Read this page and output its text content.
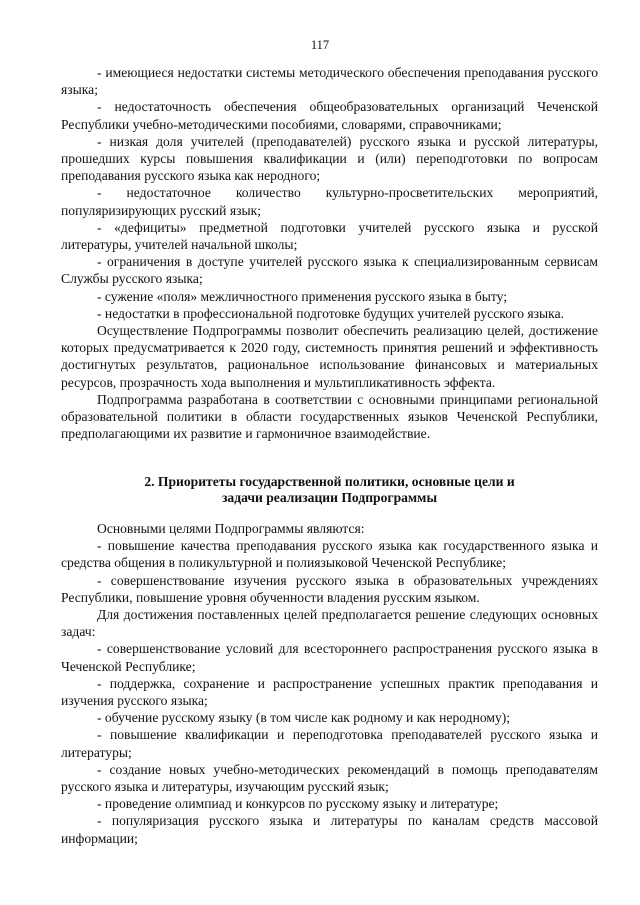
117

- имеющиеся недостатки системы методического обеспечения преподавания русского языка;

- недостаточность обеспечения общеобразовательных организаций Чеченской Республики учебно-методическими пособиями, словарями, справочниками;

- низкая доля учителей (преподавателей) русского языка и русской литературы, прошедших курсы повышения квалификации и (или) переподготовки по вопросам преподавания русского языка как неродного;

- недостаточное количество культурно-просветительских мероприятий, популяризирующих русский язык;

- «дефициты» предметной подготовки учителей русского языка и русской литературы, учителей начальной школы;

- ограничения в доступе учителей русского языка к специализированным сервисам Службы русского языка;

- сужение «поля» межличностного применения русского языка в быту;

- недостатки в профессиональной подготовке будущих учителей русского языка.

Осуществление Подпрограммы позволит обеспечить реализацию целей, достижение которых предусматривается к 2020 году, системность принятия решений и эффективность достигнутых результатов, рациональное использование финансовых и материальных ресурсов, прозрачность хода выполнения и мультипликативность эффекта.

Подпрограмма разработана в соответствии с основными принципами региональной образовательной политики в области государственных языков Чеченской Республики, предполагающими их развитие и гармоничное взаимодействие.

2. Приоритеты государственной политики, основные цели и
задачи реализации Подпрограммы

Основными целями Подпрограммы являются:

- повышение качества преподавания русского языка как государственного языка и средства общения в поликультурной и полиязыковой Чеченской Республике;

- совершенствование изучения русского языка в образовательных учреждениях Республики, повышение уровня обученности владения русским языком.

Для достижения поставленных целей предполагается решение следующих основных задач:

- совершенствование условий для всестороннего распространения русского языка в Чеченской Республике;

- поддержка, сохранение и распространение успешных практик преподавания и изучения русского языка;

- обучение русскому языку (в том числе как родному и как неродному);

- повышение квалификации и переподготовка преподавателей русского языка и литературы;

- создание новых учебно-методических рекомендаций в помощь преподавателям русского языка и литературы, изучающим русский язык;

- проведение олимпиад и конкурсов по русскому языку и литературе;

- популяризация русского языка и литературы по каналам средств массовой информации;
